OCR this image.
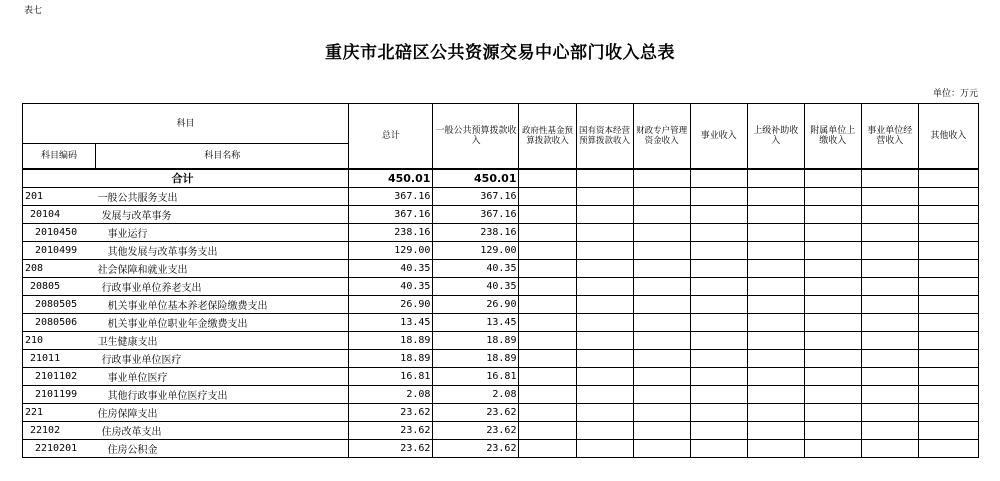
表七
重庆市北碚区公共资源交易中心部门收入总表
单位：万元
科目		总计	一般公共预算拨款收入	政府性基金预算拨款收入	国有资本经营预算拨款收入	财政专户管理资金收入	事业收入	上级补助收入	附属单位上缴收入	事业单位经营收入	其他收入
科目编码	科目名称										
	合计	450.01	450.01								
201	一般公共服务支出	367.16	367.16								
20104	发展与改革事务	367.16	367.16								
2010450	事业运行	238.16	238.16								
2010499	其他发展与改革事务支出	129.00	129.00								
208	社会保障和就业支出	40.35	40.35								
20805	行政事业单位养老支出	40.35	40.35								
2080505	机关事业单位基本养老保险缴费支出	26.90	26.90								
2080506	机关事业单位职业年金缴费支出	13.45	13.45								
210	卫生健康支出	18.89	18.89								
21011	行政事业单位医疗	18.89	18.89								
2101102	事业单位医疗	16.81	16.81								
2101199	其他行政事业单位医疗支出	2.08	2.08								
221	住房保障支出	23.62	23.62								
22102	住房改革支出	23.62	23.62								
2210201	住房公积金	23.62	23.62								
